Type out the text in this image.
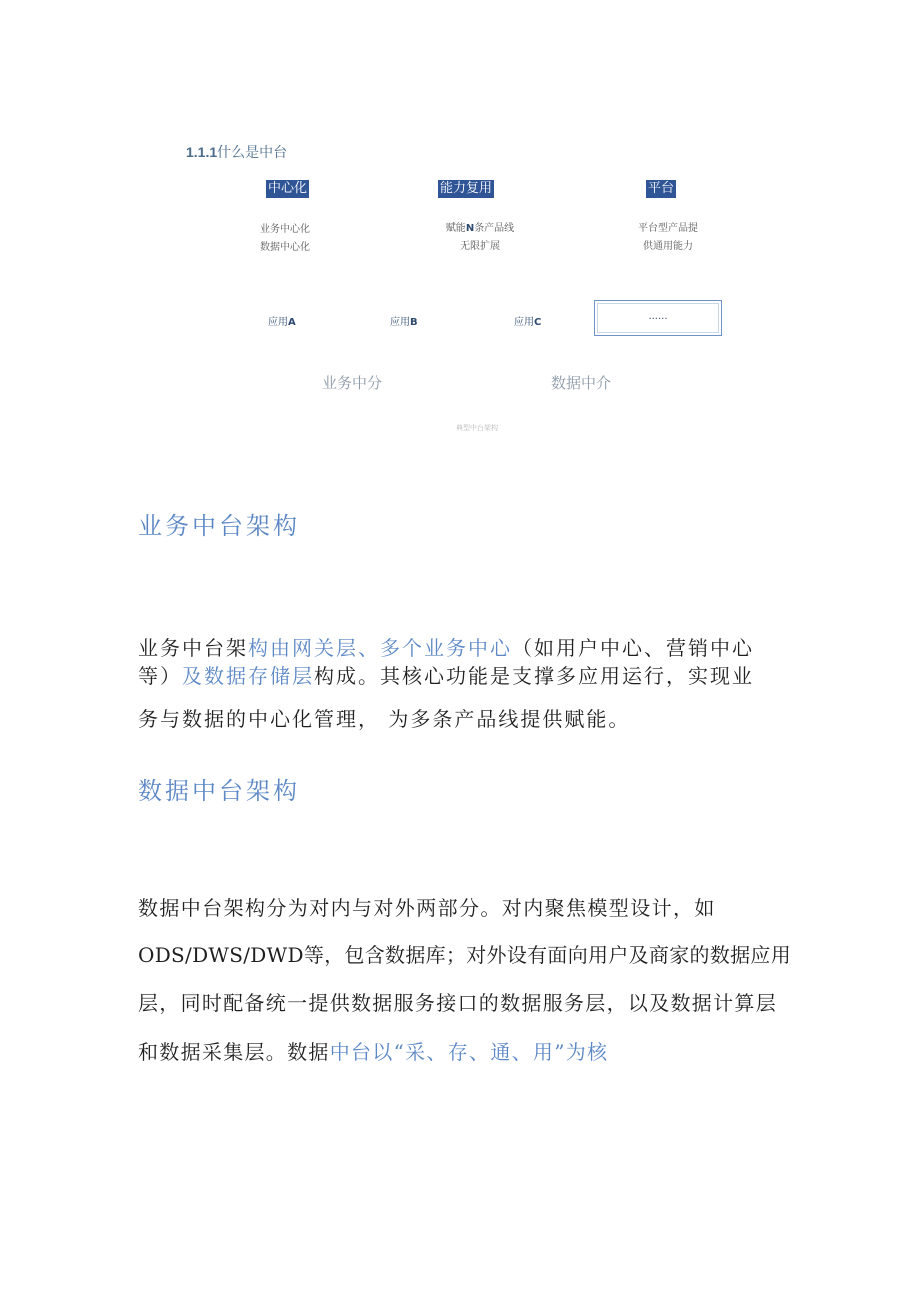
1.1.1什么是中台
中心化	能力复用	平台
业务中心化
数据中心化
赋能N条产品线
无限扩展
平台型产品提
供通用能力
应用A	应用B	应用C
......
业务中分	数据中介
典型中台架构
业务中台架构
业务中台架构由网关层、多个业务中心（如用户中心、营销中心
等）及数据存储层构成。其核心功能是支撑多应用运行，实现业
务与数据的中心化管理， 为多条产品线提供赋能。
数据中台架构
数据中台架构分为对内与对外两部分。对内聚焦模型设计，如
ODS/DWS/DWD等，包含数据库；对外设有面向用户及商家的数据应用
层，同时配备统一提供数据服务接口的数据服务层，以及数据计算层
和数据采集层。数据中台以“采、存、通、用”为核
